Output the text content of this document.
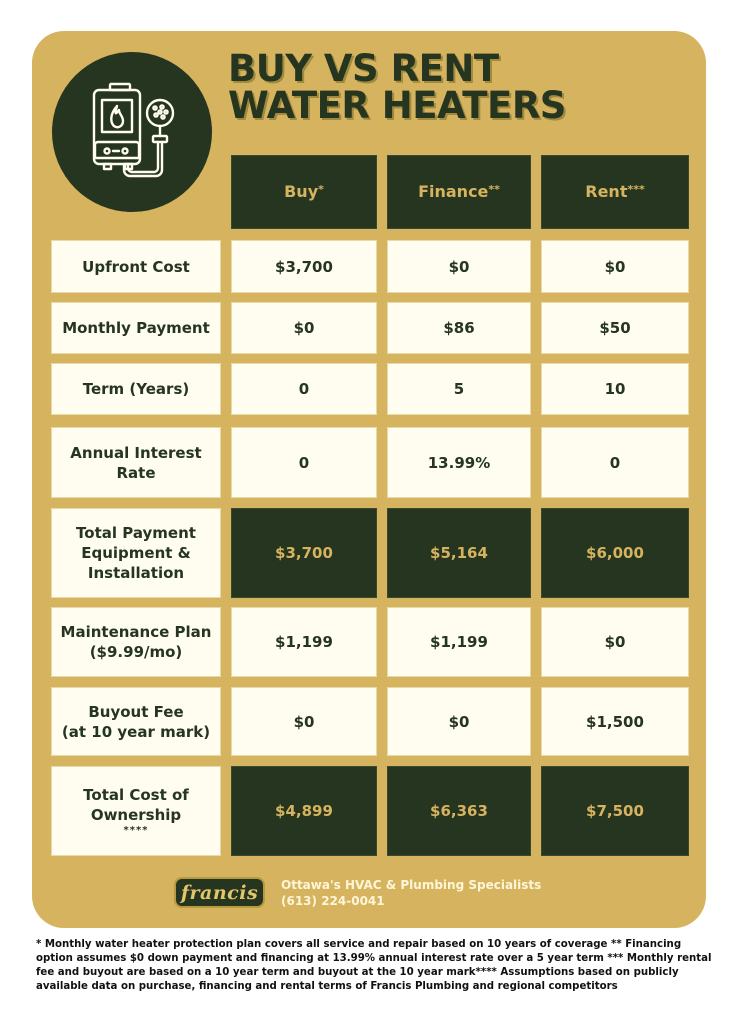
BUY VS RENT
WATER HEATERS
Buy*	Finance**	Rent***
Upfront Cost	$3,700	$0	$0
Monthly Payment	$0	$86	$50
Term (Years)	0	5	10
Annual Interest
Rate
0	13.99%	0
Total Payment
Equipment &
Installation
$3,700	$5,164	$6,000
Maintenance Plan
($9.99/mo)
$1,199	$1,199	$0
Buyout Fee
(at 10 year mark)
$0	$0	$1,500
Total Cost of
Ownership
****
$4,899	$6,363	$7,500
francis Ottawa's HVAC & Plumbing Specialists
(613) 224-0041

* Monthly water heater protection plan covers all service and repair based on 10 years of coverage ** Financing option assumes $0 down payment and financing at 13.99% annual interest rate over a 5 year term *** Monthly rental fee and buyout are based on a 10 year term and buyout at the 10 year mark**** Assumptions based on publicly available data on purchase, financing and rental terms of Francis Plumbing and regional competitors
